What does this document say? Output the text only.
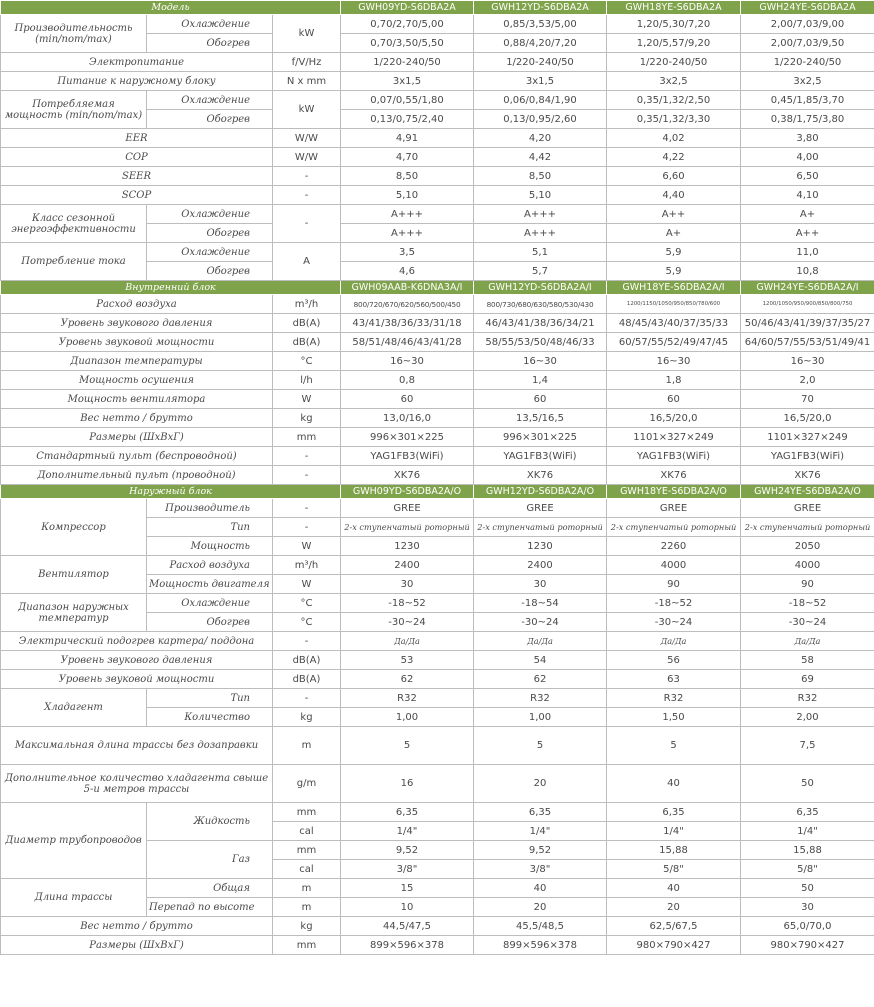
Модель			GWH09YD-S6DBA2A	GWH12YD-S6DBA2A	GWH18YE-S6DBA2A	GWH24YE-S6DBA2A
Производительность (min/nom/max)	Охлаждение	kW	0,70/2,70/5,00	0,85/3,53/5,00	1,20/5,30/7,20	2,00/7,03/9,00
	Обогрев		0,70/3,50/5,50	0,88/4,20/7,20	1,20/5,57/9,20	2,00/7,03/9,50
Электропитание		f/V/Hz	1/220-240/50	1/220-240/50	1/220-240/50	1/220-240/50
Питание к наружному блоку		N x mm	3x1,5	3x1,5	3x2,5	3x2,5
Потребляемая мощность (min/nom/max)	Охлаждение	kW	0,07/0,55/1,80	0,06/0,84/1,90	0,35/1,32/2,50	0,45/1,85/3,70
	Обогрев		0,13/0,75/2,40	0,13/0,95/2,60	0,35/1,32/3,30	0,38/1,75/3,80
EER		W/W	4,91	4,20	4,02	3,80
COP		W/W	4,70	4,42	4,22	4,00
SEER		-	8,50	8,50	6,60	6,50
SCOP		-	5,10	5,10	4,40	4,10
Класс сезонной энергоэффективности	Охлаждение	-	A+++	A+++	A++	A+
	Обогрев		A+++	A+++	A+	A++
Потребление тока	Охлаждение	A	3,5	5,1	5,9	11,0
	Обогрев		4,6	5,7	5,9	10,8
Внутренний блок			GWH09AAB-K6DNA3A/I	GWH12YD-S6DBA2A/I	GWH18YE-S6DBA2A/I	GWH24YE-S6DBA2A/I
Расход воздуха		m³/h	800/720/670/620/560/500/450	800/730/680/630/580/530/430	1200/1150/1050/950/850/780/600	1200/1050/950/900/850/800/750
Уровень звукового давления		dB(A)	43/41/38/36/33/31/18	46/43/41/38/36/34/21	48/45/43/40/37/35/33	50/46/43/41/39/37/35/27
Уровень звуковой мощности		dB(A)	58/51/48/46/43/41/28	58/55/53/50/48/46/33	60/57/55/52/49/47/45	64/60/57/55/53/51/49/41
Диапазон температуры		°C	16~30	16~30	16~30	16~30
Мощность осушения		l/h	0,8	1,4	1,8	2,0
Мощность вентилятора		W	60	60	60	70
Вес нетто / брутто		kg	13,0/16,0	13,5/16,5	16,5/20,0	16,5/20,0
Размеры (ШxВxГ)		mm	996×301×225	996×301×225	1101×327×249	1101×327×249
Стандартный пульт (беспроводной)		-	YAG1FB3(WiFi)	YAG1FB3(WiFi)	YAG1FB3(WiFi)	YAG1FB3(WiFi)
Дополнительный пульт (проводной)		-	XK76	XK76	XK76	XK76
Наружный блок			GWH09YD-S6DBA2A/O	GWH12YD-S6DBA2A/O	GWH18YE-S6DBA2A/O	GWH24YE-S6DBA2A/O
Компрессор	Производитель	-	GREE	GREE	GREE	GREE
	Тип	-	2-х ступенчатый роторный	2-х ступенчатый роторный	2-х ступенчатый роторный	2-х ступенчатый роторный
	Мощность	W	1230	1230	2260	2050
Вентилятор	Расход воздуха	m³/h	2400	2400	4000	4000
	Мощность двигателя	W	30	30	90	90
Диапазон наружных температур	Охлаждение	°C	-18~52	-18~54	-18~52	-18~52
	Обогрев	°C	-30~24	-30~24	-30~24	-30~24
Электрический подогрев картера/ поддона		-	Да/Да	Да/Да	Да/Да	Да/Да
Уровень звукового давления		dB(A)	53	54	56	58
Уровень звуковой мощности		dB(A)	62	62	63	69
Хладагент	Тип	-	R32	R32	R32	R32
	Количество	kg	1,00	1,00	1,50	2,00
Максимальная длина трассы без дозаправки		m	5	5	5	7,5
Дополнительное количество хладагента свыше 5-и метров трассы		g/m	16	20	40	50
Диаметр трубопроводов	Жидкость	mm	6,35	6,35	6,35	6,35
		cal	1/4"	1/4"	1/4"	1/4"
	Газ	mm	9,52	9,52	15,88	15,88
		cal	3/8"	3/8"	5/8"	5/8"
Длина трассы	Общая	m	15	40	40	50
	Перепад по высоте	m	10	20	20	30
Вес нетто / брутто		kg	44,5/47,5	45,5/48,5	62,5/67,5	65,0/70,0
Размеры (ШxВxГ)		mm	899×596×378	899×596×378	980×790×427	980×790×427
